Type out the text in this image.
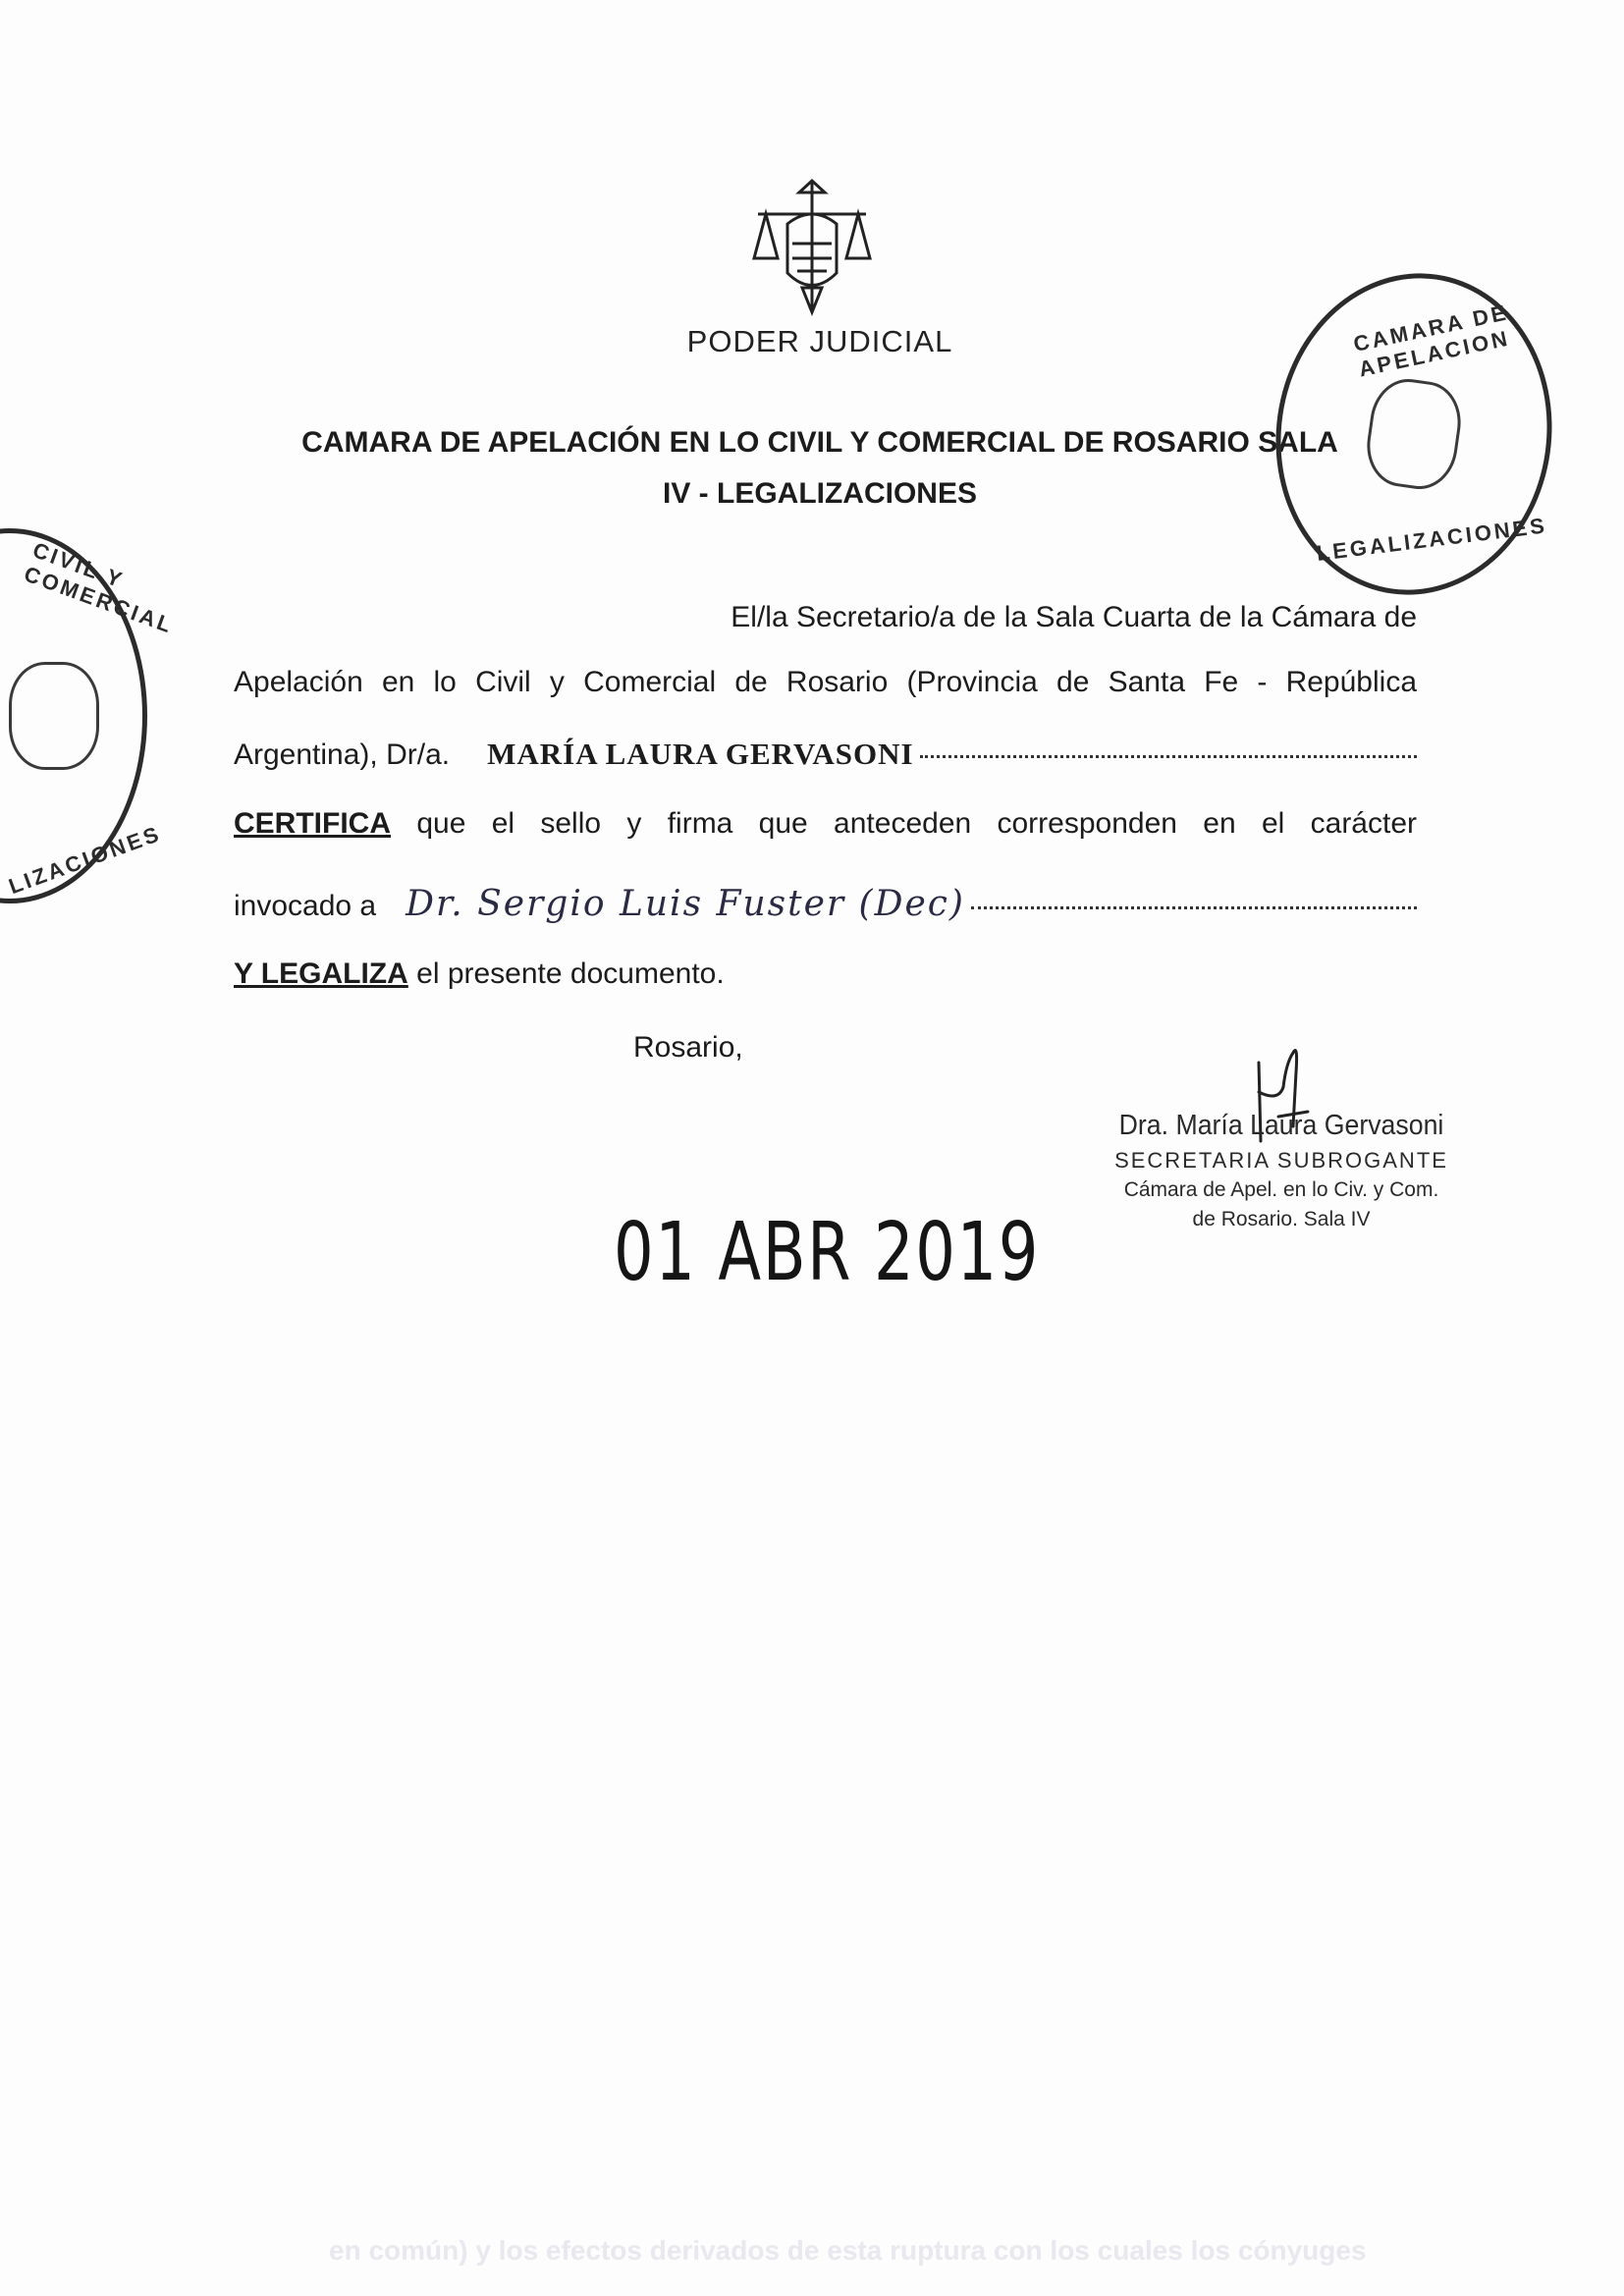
PODER JUDICIAL
CAMARA DE APELACIÓN EN LO CIVIL Y COMERCIAL DE ROSARIO SALA
IV - LEGALIZACIONES
El/la Secretario/a de la Sala Cuarta de la Cámara de
Apelación en lo Civil y Comercial de Rosario (Provincia de Santa Fe - República
Argentina), Dr/a. MARÍA LAURA GERVASONI
CERTIFICA que el sello y firma que anteceden corresponden en el carácter
invocado a Dr. Sergio Luis Fuster (Dec)
Y LEGALIZA el presente documento.
Rosario,
Dra. María Laura Gervasoni
SECRETARIA SUBROGANTE
Cámara de Apel. en lo Civ. y Com.
de Rosario. Sala IV
01 ABR 2019
CAMARA DE APELACION
LEGALIZACIONES
CIVIL Y COMERCIAL
LIZACIONES
en común) y los efectos derivados de esta ruptura con los cuales los cónyuges
